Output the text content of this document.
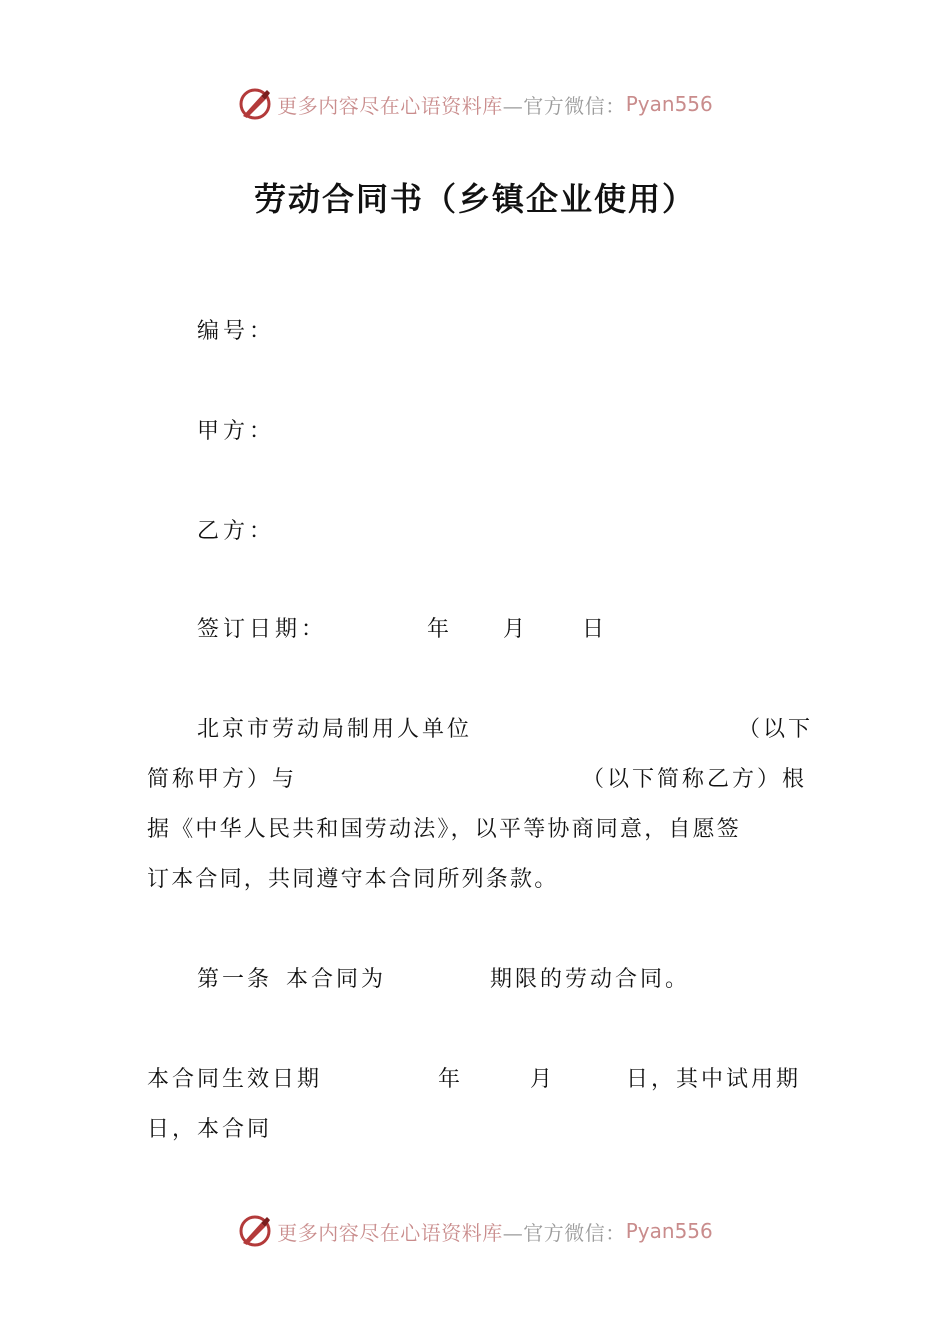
更多内容尽在心语资料库 —官方微信： Pyan556
劳动合同书（乡镇企业使用）
编号：
甲方：
乙方：
签订日期：	年 月	日
北京市劳动局制用人单位	（以下
简称甲方）与	（以下简称乙方）根
据《中华人民共和国劳动法》，以平等协商同意，自愿签
订本合同，共同遵守本合同所列条款。
第一条 本合同为	期限的劳动合同。
本合同生效日期	年	月	日，其中试用期
日，本合同
更多内容尽在心语资料库 —官方微信： Pyan556
